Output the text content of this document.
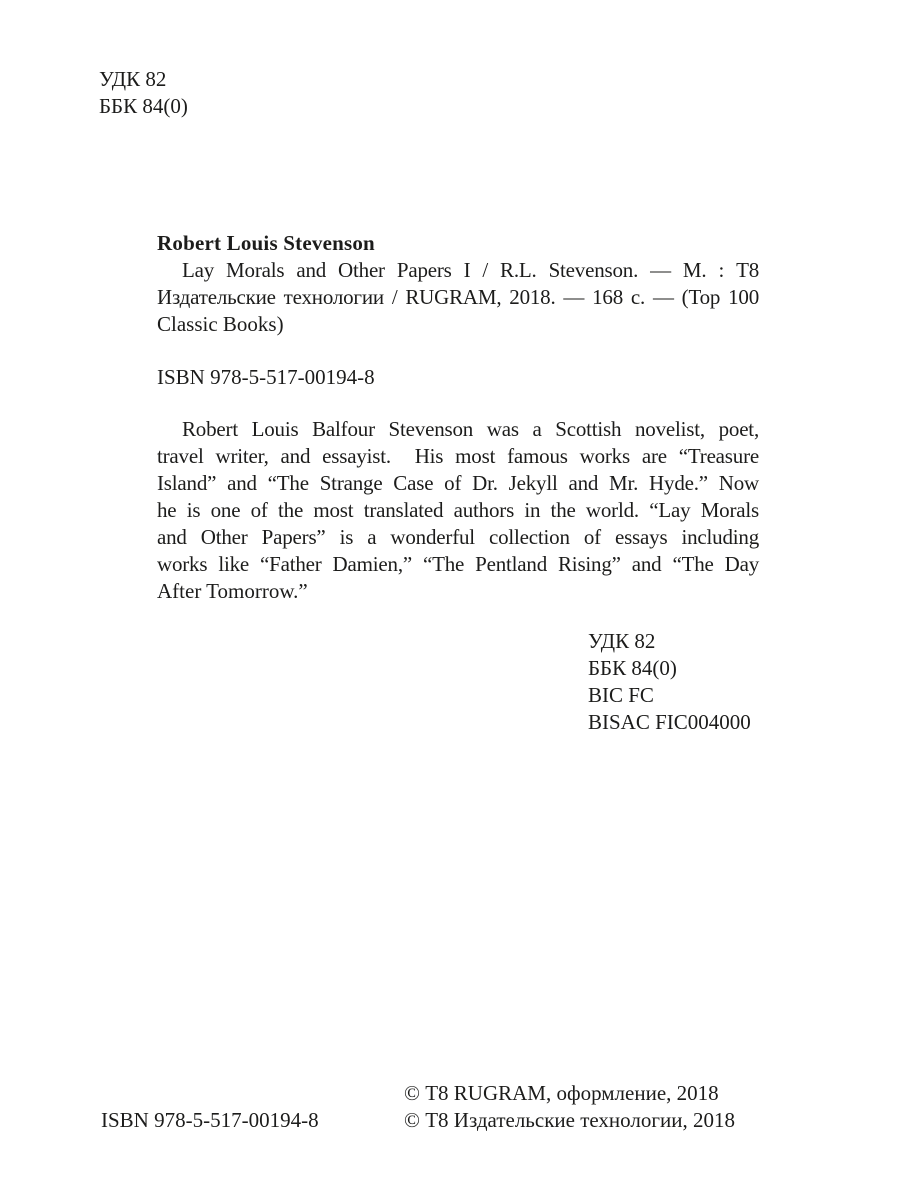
УДК 82
ББК 84(0)
Robert Louis Stevenson
Lay Morals and Other Papers I / R.L. Stevenson. — М. : Т8
Издательские технологии / RUGRAM, 2018. — 168 с. — (Top 100
Classic Books)
ISBN 978-5-517-00194-8
Robert Louis Balfour Stevenson was a Scottish novelist, poet,
travel writer, and essayist.  His most famous works are “Treasure
Island” and “The Strange Case of Dr. Jekyll and Mr. Hyde.” Now
he is one of the most translated authors in the world. “Lay Morals
and Other Papers” is a wonderful collection of essays including
works like “Father Damien,” “The Pentland Rising” and “The Day
After Tomorrow.”
УДК 82
ББК 84(0)
BIC FC
BISAC FIC004000
© Т8 RUGRAM, оформление, 2018
© Т8 Издательские технологии, 2018
ISBN 978-5-517-00194-8
